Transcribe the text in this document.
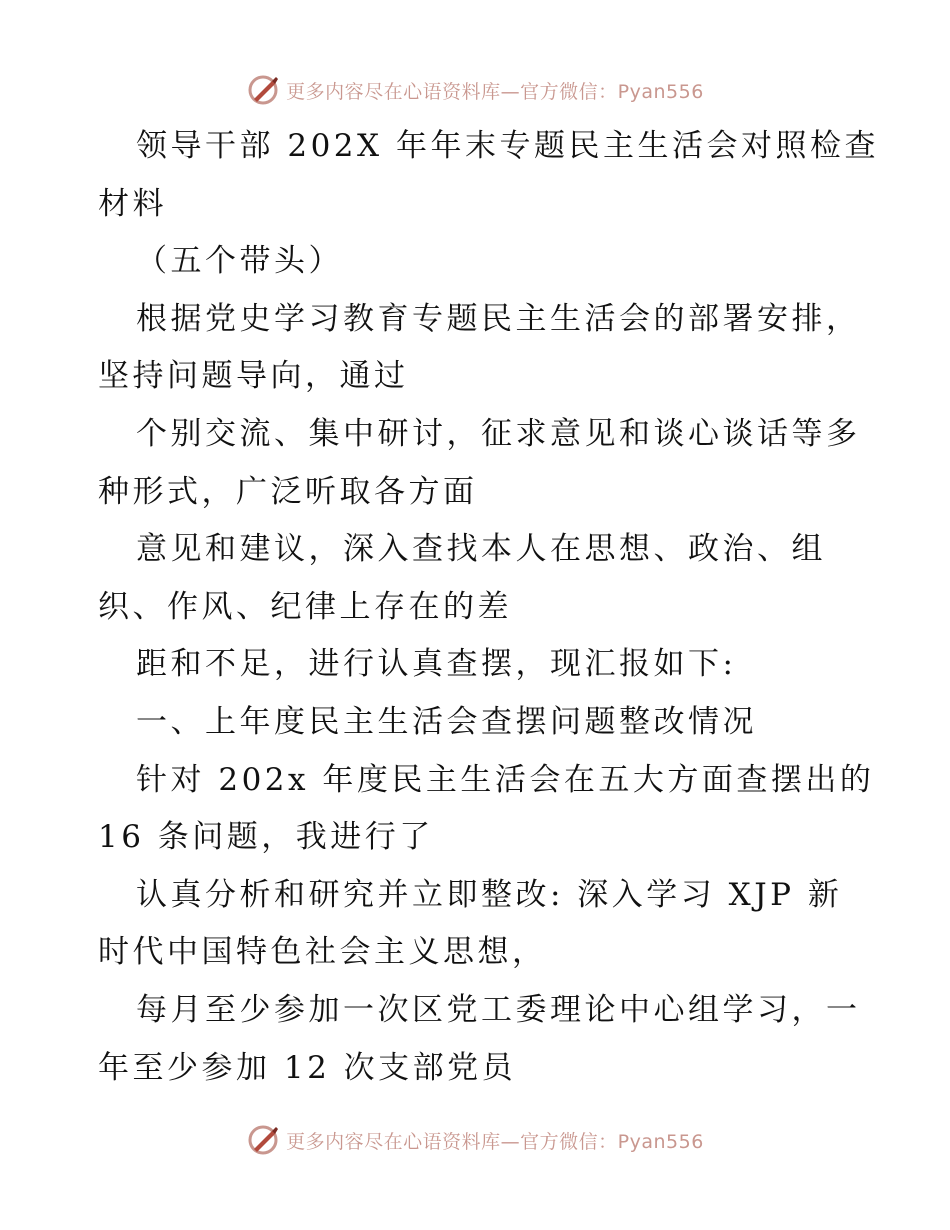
更多内容尽在心语资料库—官方微信：Pyan556
领导干部 202X 年年末专题民主生活会对照检查
材料
（五个带头）
根据党史学习教育专题民主生活会的部署安排，
坚持问题导向，通过
个别交流、集中研讨，征求意见和谈心谈话等多
种形式，广泛听取各方面
意见和建议，深入查找本人在思想、政治、组
织、作风、纪律上存在的差
距和不足，进行认真查摆，现汇报如下:
一、上年度民主生活会查摆问题整改情况
针对 202x 年度民主生活会在五大方面查摆出的
16 条问题，我进行了
认真分析和研究并立即整改: 深入学习 XJP 新
时代中国特色社会主义思想，
每月至少参加一次区党工委理论中心组学习，一
年至少参加 12 次支部党员
更多内容尽在心语资料库—官方微信：Pyan556
